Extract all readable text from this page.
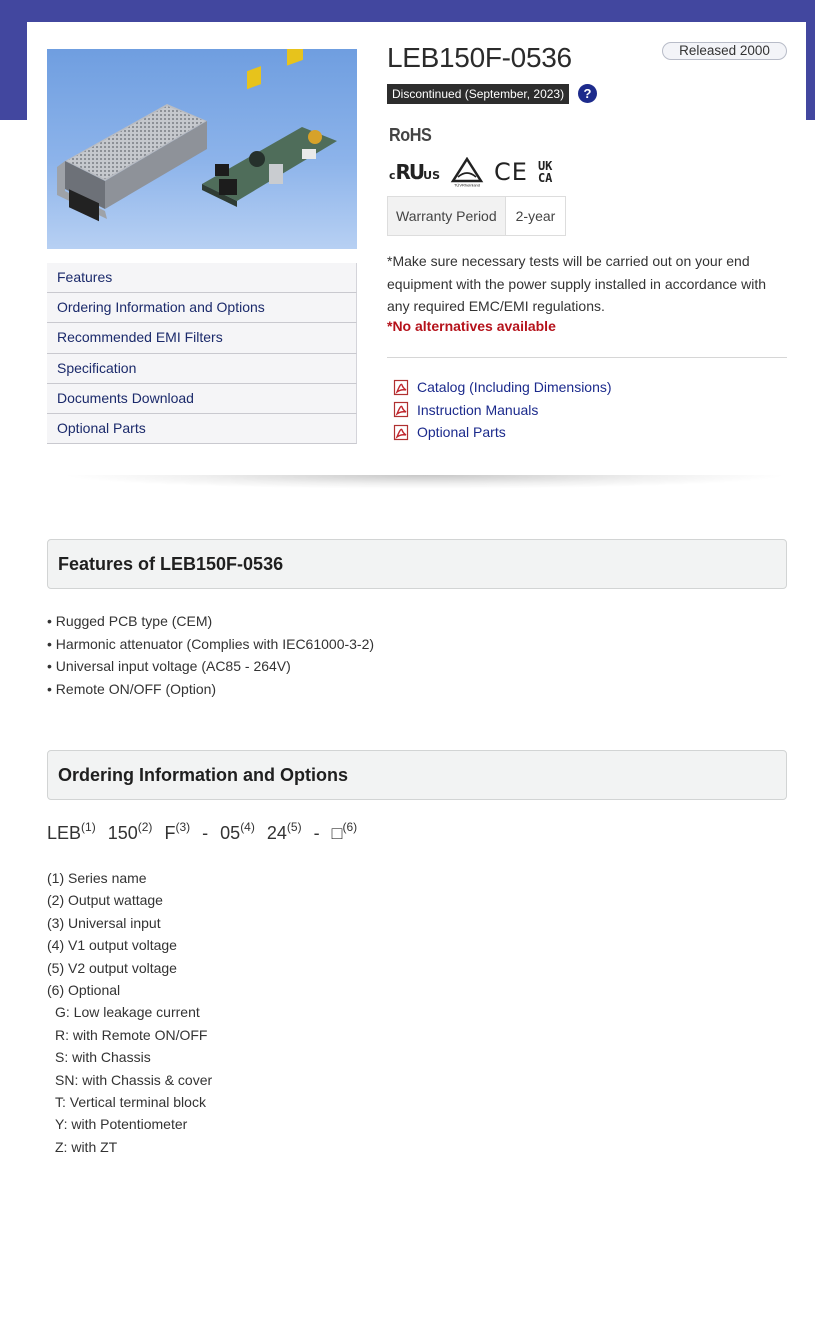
Features
Ordering Information and Options
Recommended EMI Filters
Specification
Documents Download
Optional Parts
LEB150F-0536	Released 2000
Discontinued (September, 2023)	?
RoHS
cRUUS
TÜVRheinland CE UK
CA
Warranty Period	2-year

*Make sure necessary tests will be carried out on your end equipment with the power supply installed in accordance with any required EMC/EMI regulations.

*No alternatives available

Catalog (Including Dimensions)
Instruction Manuals
Optional Parts
Features of LEB150F-0536
• Rugged PCB type (CEM)
• Harmonic attenuator (Complies with IEC61000-3-2)
• Universal input voltage (AC85 - 264V)
• Remote ON/OFF (Option)
Ordering Information and Options
LEB$^{(1)}$ 150$^{(2)}$ $F^{(3)} - 05^{(4)}$ 24$^{(5)}$ - □$^{(6)}$
(1) Series name
(2) Output wattage
(3) Universal input
(4) V1 output voltage
(5) V2 output voltage
(6) Optional
G: Low leakage current
R: with Remote ON/OFF
S: with Chassis
SN: with Chassis & cover
T: Vertical terminal block
Y: with Potentiometer
Z: with ZT
